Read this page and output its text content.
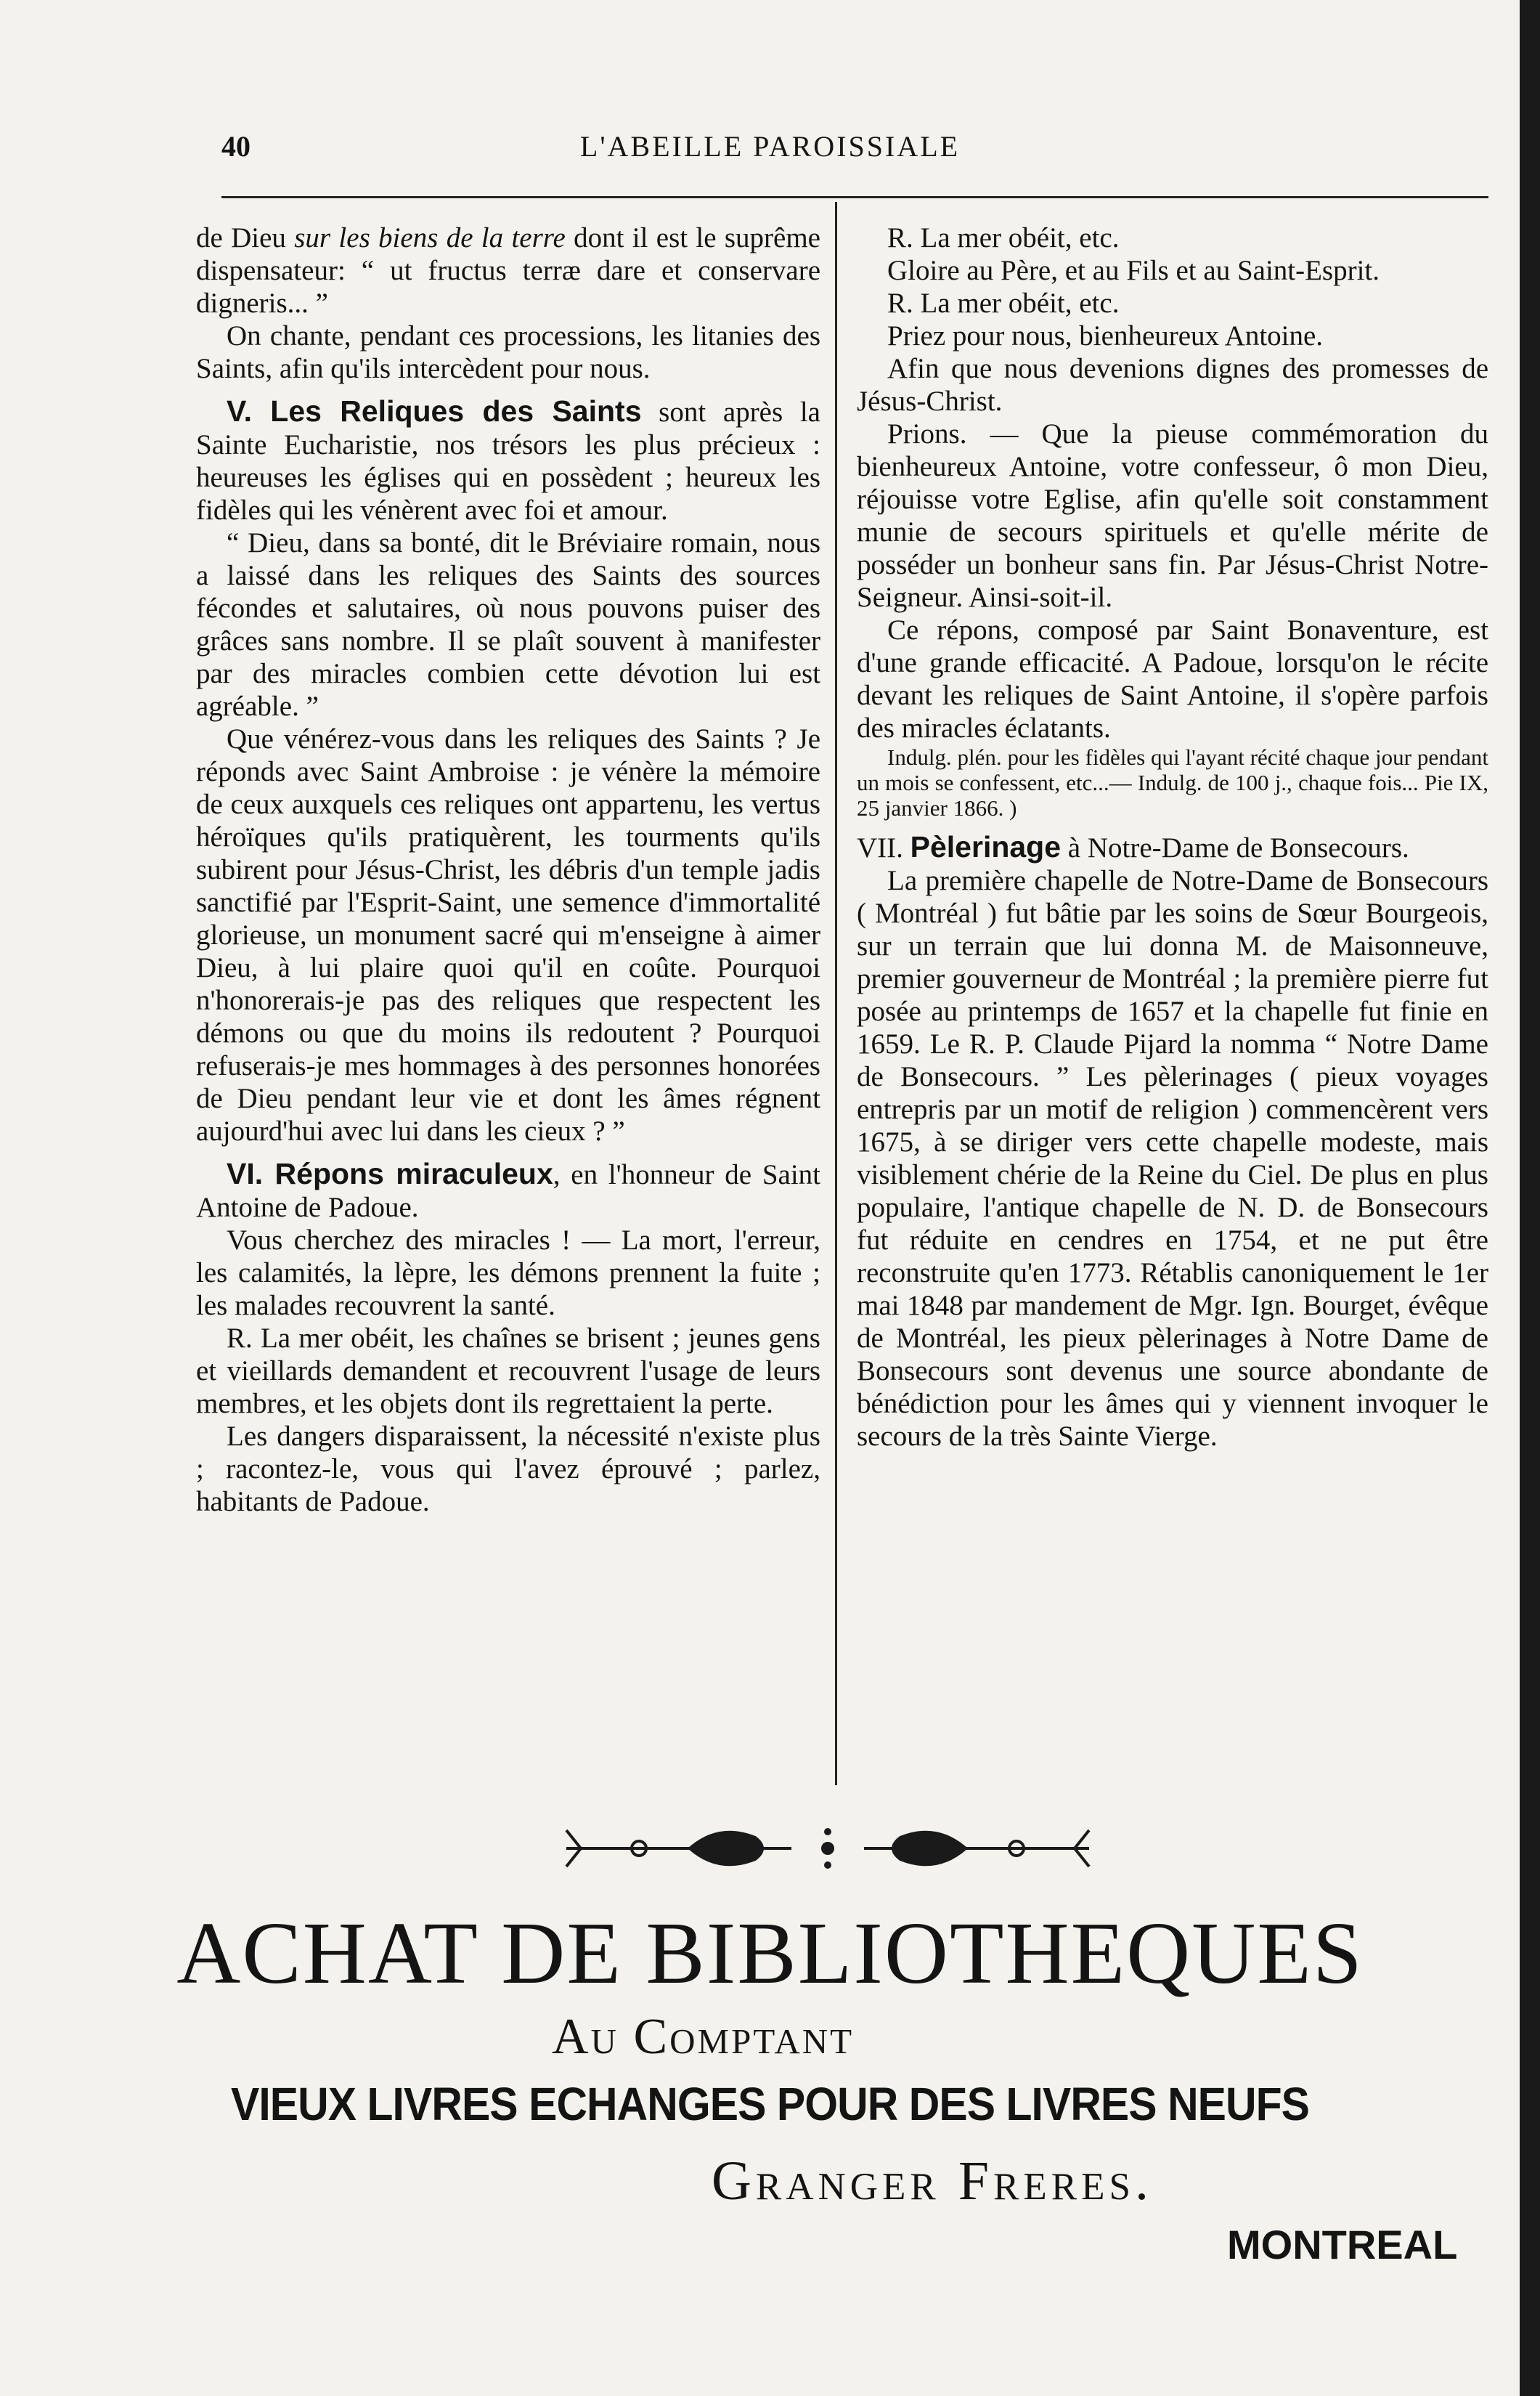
40	L'ABEILLE PAROISSIALE

de Dieu sur les biens de la terre dont il est le suprême dispensateur: “ ut fructus terræ dare et conservare digneris... ”

On chante, pendant ces processions, les litanies des Saints, afin qu'ils intercèdent pour nous.

V. Les Reliques des Saints sont après la Sainte Eucharistie, nos trésors les plus précieux : heureuses les églises qui en possèdent ; heureux les fidèles qui les vénèrent avec foi et amour.

“ Dieu, dans sa bonté, dit le Bréviaire romain, nous a laissé dans les reliques des Saints des sources fécondes et salutaires, où nous pouvons puiser des grâces sans nombre. Il se plaît souvent à manifester par des miracles combien cette dévotion lui est agréable. ”

Que vénérez-vous dans les reliques des Saints ? Je réponds avec Saint Ambroise : je vénère la mémoire de ceux auxquels ces reliques ont appartenu, les vertus héroïques qu'ils pratiquèrent, les tourments qu'ils subirent pour Jésus-Christ, les débris d'un temple jadis sanctifié par l'Esprit-Saint, une semence d'immortalité glorieuse, un monument sacré qui m'enseigne à aimer Dieu, à lui plaire quoi qu'il en coûte. Pourquoi n'honorerais-je pas des reliques que respectent les démons ou que du moins ils redoutent ? Pourquoi refuserais-je mes hommages à des personnes honorées de Dieu pendant leur vie et dont les âmes régnent aujourd'hui avec lui dans les cieux ? ”

VI. Répons miraculeux, en l'honneur de Saint Antoine de Padoue.

Vous cherchez des miracles ! — La mort, l'erreur, les calamités, la lèpre, les démons prennent la fuite ; les malades recouvrent la santé.

R. La mer obéit, les chaînes se brisent ; jeunes gens et vieillards demandent et recouvrent l'usage de leurs membres, et les objets dont ils regrettaient la perte.

Les dangers disparaissent, la nécessité n'existe plus ; racontez-le, vous qui l'avez éprouvé ; parlez, habitants de Padoue.

R. La mer obéit, etc.

Gloire au Père, et au Fils et au Saint-Esprit.

R. La mer obéit, etc.

Priez pour nous, bienheureux Antoine.

Afin que nous devenions dignes des promesses de Jésus-Christ.

Prions. — Que la pieuse commémoration du bienheureux Antoine, votre confesseur, ô mon Dieu, réjouisse votre Eglise, afin qu'elle soit constamment munie de secours spirituels et qu'elle mérite de posséder un bonheur sans fin. Par Jésus-Christ Notre-Seigneur. Ainsi-soit-il.

Ce répons, composé par Saint Bonaventure, est d'une grande efficacité. A Padoue, lorsqu'on le récite devant les reliques de Saint Antoine, il s'opère parfois des miracles éclatants.

Indulg. plén. pour les fidèles qui l'ayant récité chaque jour pendant un mois se confessent, etc...— Indulg. de 100 j., chaque fois... Pie IX, 25 janvier 1866. )

VII. Pèlerinage à Notre-Dame de Bonsecours.

La première chapelle de Notre-Dame de Bonsecours ( Montréal ) fut bâtie par les soins de Sœur Bourgeois, sur un terrain que lui donna M. de Maisonneuve, premier gouverneur de Montréal ; la première pierre fut posée au printemps de 1657 et la chapelle fut finie en 1659. Le R. P. Claude Pijard la nomma “ Notre Dame de Bonsecours. ” Les pèlerinages ( pieux voyages entrepris par un motif de religion ) commencèrent vers 1675, à se diriger vers cette chapelle modeste, mais visiblement chérie de la Reine du Ciel. De plus en plus populaire, l'antique chapelle de N. D. de Bonsecours fut réduite en cendres en 1754, et ne put être reconstruite qu'en 1773. Rétablis canoniquement le 1er mai 1848 par mandement de Mgr. Ign. Bourget, évêque de Montréal, les pieux pèlerinages à Notre Dame de Bonsecours sont devenus une source abondante de bénédiction pour les âmes qui y viennent invoquer le secours de la très Sainte Vierge.

ACHAT DE BIBLIOTHEQUES
Au Comptant
VIEUX LIVRES ECHANGES POUR DES LIVRES NEUFS
Granger Freres.
MONTREAL
